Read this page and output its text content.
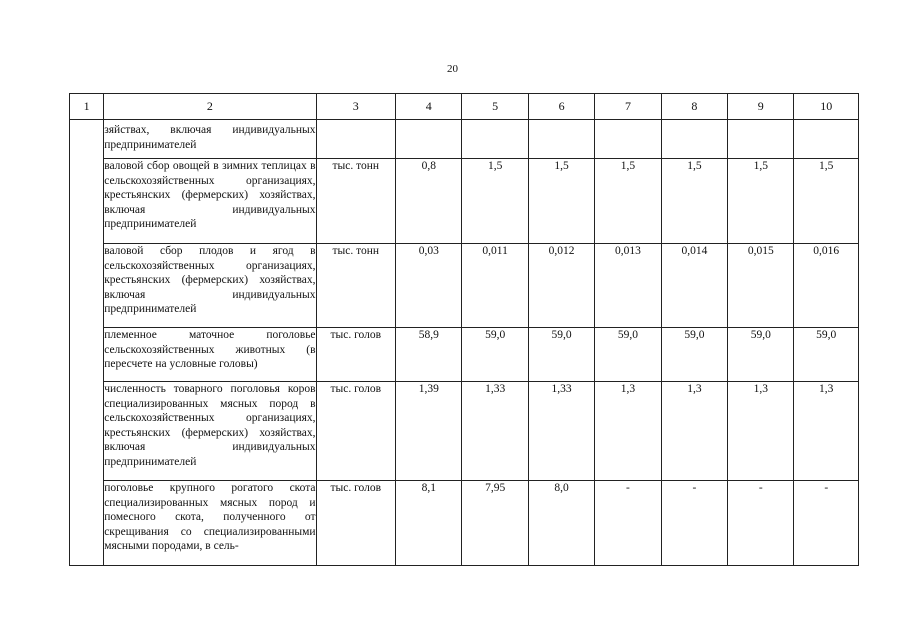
20
1	2	3	4	5	6	7	8	9	10
	зяйствах, включая индивидуальных предпринимателей								
	валовой сбор овощей в зимних теплицах в сельскохозяйственных организациях, крестьянских (фермерских) хозяйствах, включая индивидуальных предпринимателей	тыс. тонн	0,8	1,5	1,5	1,5	1,5	1,5	1,5
	валовой сбор плодов и ягод в сельскохозяйственных организациях, крестьянских (фермерских) хозяйствах, включая индивидуальных предпринимателей	тыс. тонн	0,03	0,011	0,012	0,013	0,014	0,015	0,016
	племенное маточное поголовье сельскохозяйственных животных (в пересчете на условные головы)	тыс. голов	58,9	59,0	59,0	59,0	59,0	59,0	59,0
	численность товарного поголовья коров специализированных мясных пород в сельскохозяйственных организациях, крестьянских (фермерских) хозяйствах, включая индивидуальных предпринимателей	тыс. голов	1,39	1,33	1,33	1,3	1,3	1,3	1,3
	поголовье крупного рогатого скота специализированных мясных пород и помесного скота, полученного от скрещивания со специализированными мясными породами, в сель-	тыс. голов	8,1	7,95	8,0	-	-	-	-
